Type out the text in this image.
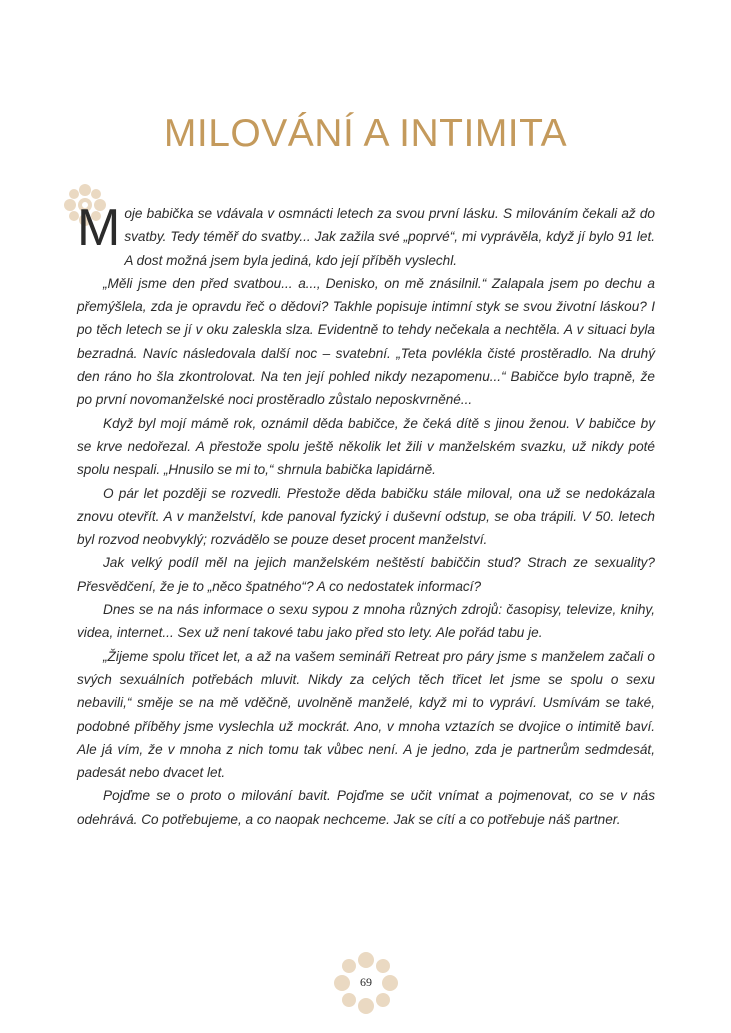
MILOVÁNÍ A INTIMITA

Moje babička se vdávala v osmnácti letech za svou první lásku. S milováním čekali až do svatby. Tedy téměř do svatby... Jak zažila své „poprvé“, mi vyprávěla, když jí bylo 91 let. A dost možná jsem byla jediná, kdo její příběh vyslechl.

„Měli jsme den před svatbou... a...‚ Denisko, on mě znásilnil.“ Zalapala jsem po dechu a přemýšlela, zda je opravdu řeč o dědovi? Takhle popisuje intimní styk se svou životní láskou? I po těch letech se jí v oku zaleskla slza. Evidentně to tehdy nečekala a nechtěla. A v situaci byla bezradná. Navíc následovala další noc – svatební. „Teta povlékla čisté prostěradlo. Na druhý den ráno ho šla zkontrolovat. Na ten její pohled nikdy nezapomenu...“ Babičce bylo trapně, že po první novomanželské noci prostěradlo zůstalo neposkvrněné...

Když byl mojí mámě rok, oznámil děda babičce, že čeká dítě s jinou ženou. V babičce by se krve nedořezal. A přestože spolu ještě několik let žili v manželském svazku, už nikdy poté spolu nespali. „Hnusilo se mi to,“ shrnula babička lapidárně.

O pár let později se rozvedli. Přestože děda babičku stále miloval, ona už se nedokázala znovu otevřít. A v manželství, kde panoval fyzický i duševní odstup, se oba trápili. V 50. letech byl rozvod neobvyklý; rozvádělo se pouze deset procent manželství.

Jak velký podíl měl na jejich manželském neštěstí babiččin stud? Strach ze sexuality? Přesvědčení, že je to „něco špatného“? A co nedostatek informací?

Dnes se na nás informace o sexu sypou z mnoha různých zdrojů: časopisy, televize, knihy, videa, internet... Sex už není takové tabu jako před sto lety. Ale pořád tabu je.

„Žijeme spolu třicet let, a až na vašem semináři Retreat pro páry jsme s manželem začali o svých sexuálních potřebách mluvit. Nikdy za celých těch třicet let jsme se spolu o sexu nebavili,“ směje se na mě vděčně, uvolněně manželé, když mi to vypráví. Usmívám se také, podobné příběhy jsme vyslechla už mockrát. Ano, v mnoha vztazích se dvojice o intimitě baví. Ale já vím, že v mnoha z nich tomu tak vůbec není. A je jedno, zda je partnerům sedmdesát, padesát nebo dvacet let.

Pojďme se o proto o milování bavit. Pojďme se učit vnímat a pojmenovat, co se v nás odehrává. Co potřebujeme, a co naopak nechceme. Jak se cítí a co potřebuje náš partner.

69
